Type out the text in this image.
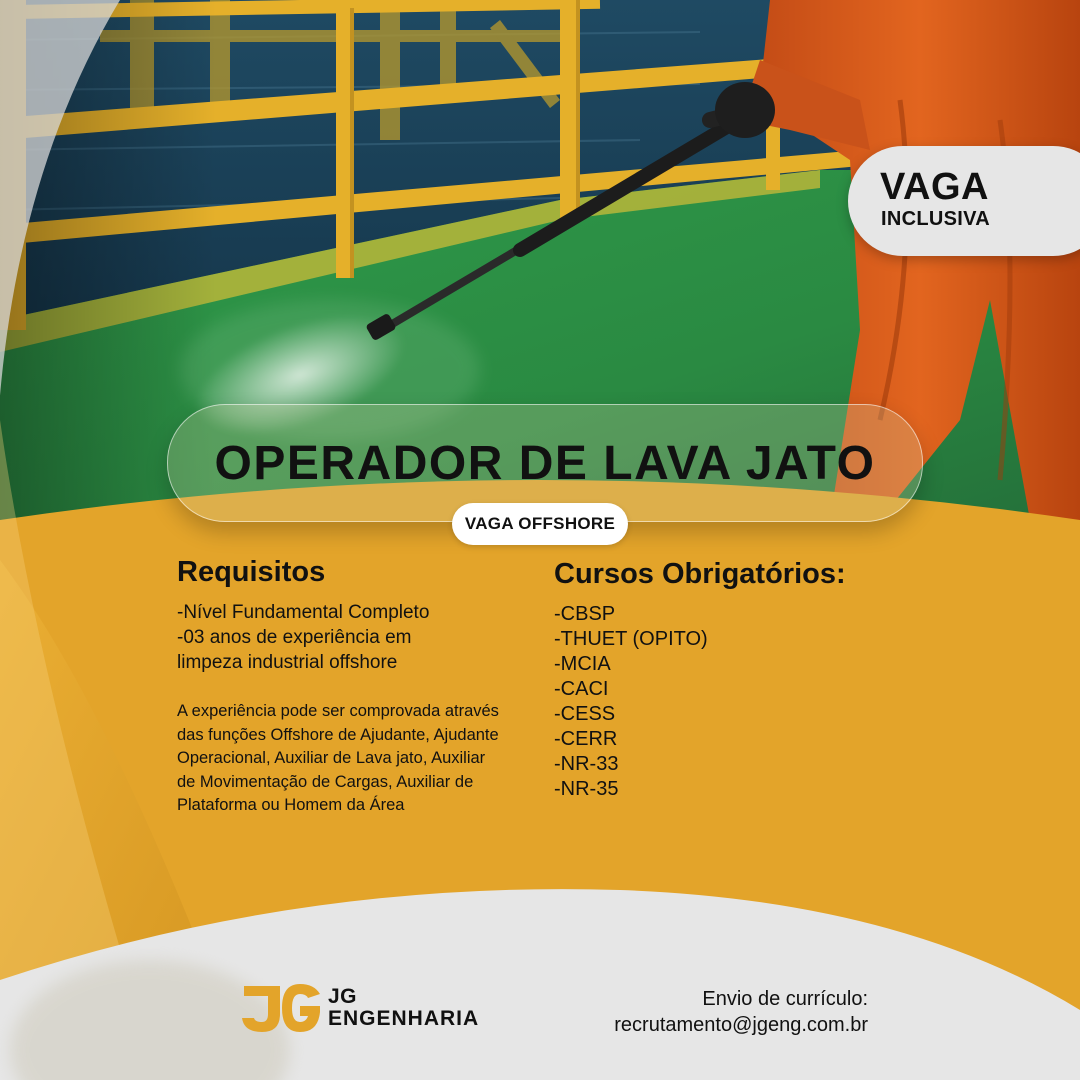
VAGA
INCLUSIVA
OPERADOR DE LAVA JATO
VAGA OFFSHORE
Requisitos
-Nível Fundamental Completo
-03 anos de experiência em
limpeza industrial offshore
A experiência pode ser comprovada através das funções Offshore de Ajudante, Ajudante Operacional, Auxiliar de Lava jato, Auxiliar de Movimentação de Cargas, Auxiliar de Plataforma ou Homem da Área
Cursos Obrigatórios:
-CBSP
-THUET (OPITO)
-MCIA
-CACI
-CESS
-CERR
-NR-33
-NR-35
JG
ENGENHARIA
Envio de currículo:
recrutamento@jgeng.com.br
